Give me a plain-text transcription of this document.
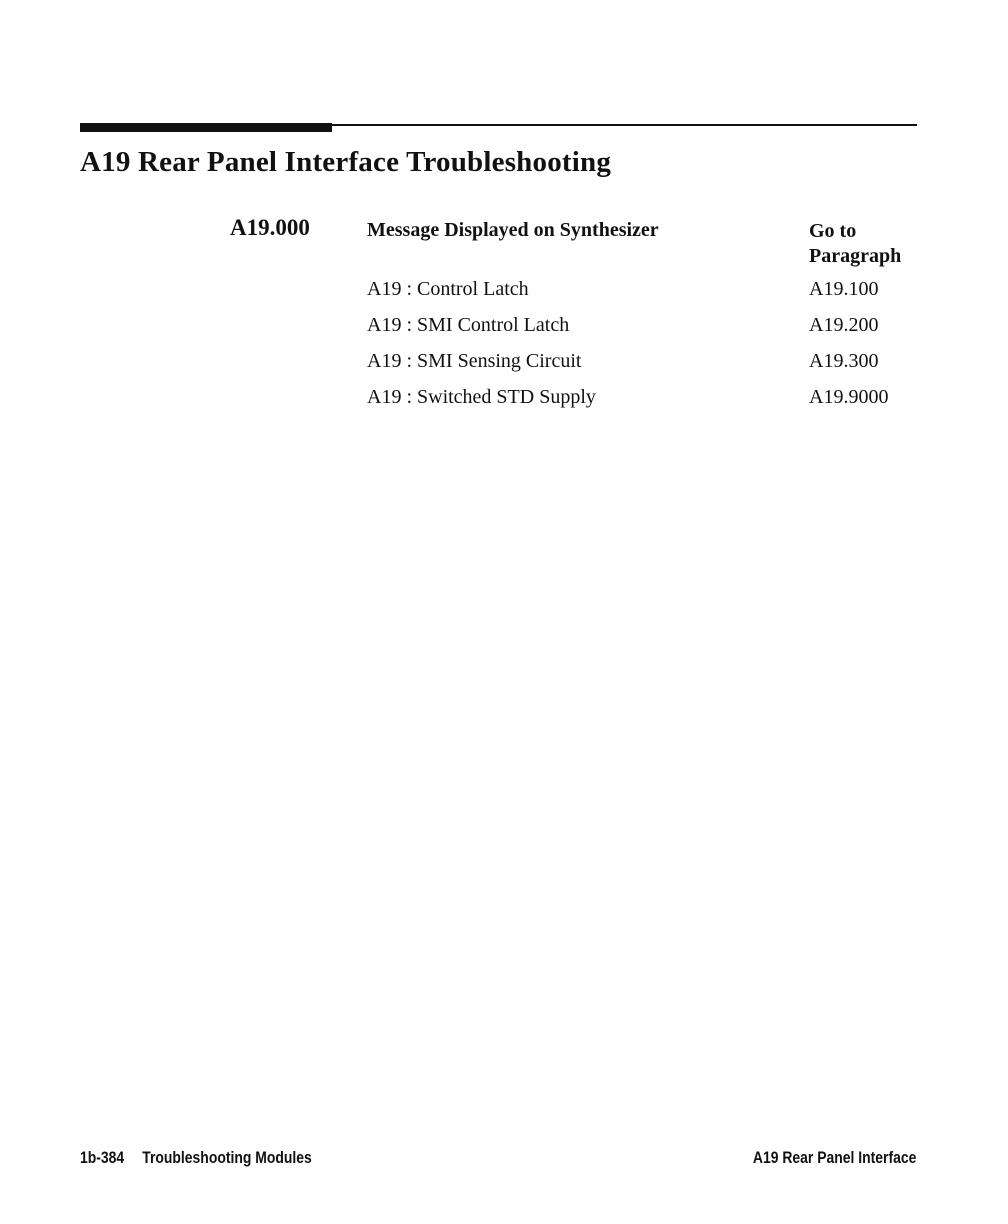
A19 Rear Panel Interface Troubleshooting
A19.000	Message Displayed on Synthesizer	Go to Paragraph
A19 : Control Latch	A19.100
A19 : SMI Control Latch	A19.200
A19 : SMI Sensing Circuit	A19.300
A19 : Switched STD Supply	A19.9000
1b-384 Troubleshooting Modules	A19 Rear Panel Interface
